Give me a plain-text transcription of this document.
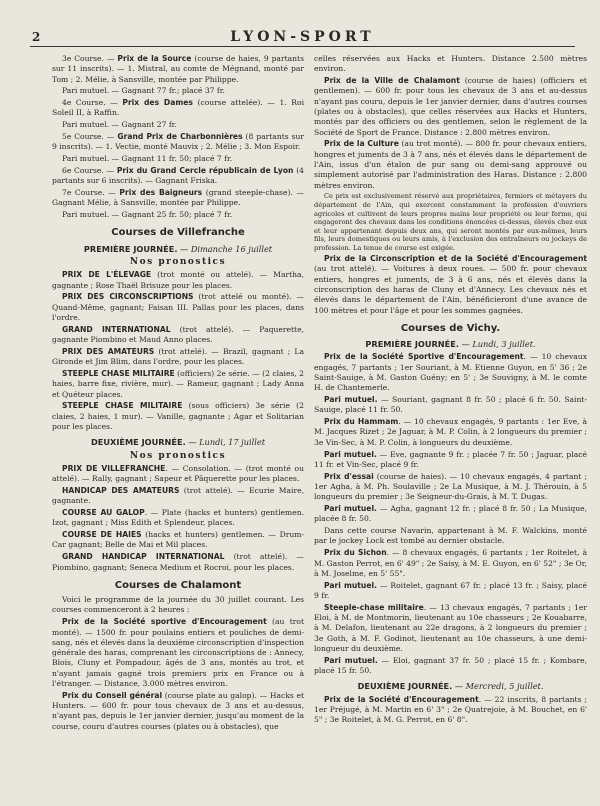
2	LYON-SPORT

3e Course. — Prix de la Source (course de haies, 9 partants sur 11 inscrits). — 1. Mistral, au comte de Mégnand, monté par Tom ; 2. Mélie, à Sansville, montée par Philippe.

Pari mutuel. — Gagnant 77 fr.; placé 37 fr.

4e Course. — Prix des Dames (course attelée). — 1. Roi Soleil II, à Raffin.

Pari mutuel. — Gagnant 27 fr.

5e Course. — Grand Prix de Charbonnières (8 partants sur 9 inscrits). — 1. Vectie, monté Mauvix ; 2. Mélie ; 3. Mon Espoir.

Pari mutuel. — Gagnant 11 fr. 50; placé 7 fr.

6e Course. — Prix du Grand Cercle républicain de Lyon (4 partants sur 6 inscrits). — Gagnant Friska.

7e Course. — Prix des Baigneurs (grand steeple-chase). — Gagnant Mélie, à Sansville, montée par Philippe.

Pari mutuel. — Gagnant 25 fr. 50; placé 7 fr.

Courses de Villefranche
PREMIÈRE JOURNÉE. — Dimanche 16 juillet
Nos pronostics

PRIX DE L'ÉLEVAGE (trot monté ou attelé). — Martha, gagnante ; Rose Thaël Brisuze pour les places.

PRIX DES CIRCONSCRIPTIONS (trot attelé ou monté). — Quand-Même, gagnant; Faisan III. Pallas pour les places, dans l'ordre.

GRAND INTERNATIONAL (trot attelé). — Paquerette, gagnante Piombino et Maud Anno places.

PRIX DES AMATEURS (trot attelé). — Brazil, gagnant ; La Gironde et Jim Blim, dans l'ordre, pour les places.

STEEPLE CHASE MILITAIRE (officiers) 2e série. — (2 claies, 2 haies, barre fixe, rivière, mur). — Rameur, gagnant ; Lady Anna et Quéteur places.

STEEPLE CHASE MILITAIRE (sous officiers) 3e série (2 claies, 2 haies, 1 mur). — Vanille, gagnante ; Agar et Solitarian pour les places.

DEUXIÈME JOURNÉE. — Lundi, 17 juillet
Nos pronostics

PRIX DE VILLEFRANCHE. — Consolation. — (trot monté ou attelé). — Rally, gagnant ; Sapeur et Pâquerette pour les places.

HANDICAP DES AMATEURS (trot attelé). — Ecurie Maire, gagnante.

COURSE AU GALOP. — Plate (hacks et hunters) gentlemen. Izot, gagnant ; Miss Edith et Splendeur, places.

COURSE DE HAIES (hacks et hunters) gentlemen. — Drum-Car gagnant; Belle de Mai et Mil places.

GRAND HANDICAP INTERNATIONAL (trot attelé). — Piombino, gagnant; Seneca Medium et Rocroi, pour les places.

Courses de Chalamont

Voici le programme de la journée du 30 juillet courant. Les courses commenceront à 2 heures :

Prix de la Société sportive d'Encouragement (au trot monté). — 1500 fr. pour poulains entiers et pouliches de demi-sang, nés et élevés dans la deuxième circonscription d'inspection générale des haras, comprenant les circonscriptions de : Annecy, Blois, Cluny et Pompadour, âgés de 3 ans, montés au trot, et n'ayant jamais gagné trois premiers prix en France ou à l'étranger. — Distance, 3.000 mètres environ.

Prix du Conseil général (course plate au galop). — Hacks et Hunters. — 600 fr. pour tous chevaux de 3 ans et au-dessus, n'ayant pas, depuis le 1er janvier dernier, jusqu'au moment de la course, couru d'autres courses (plates ou à obstacles), que

celles réservées aux Hacks et Hunters. Distance 2.500 mètres environ.

Prix de la Ville de Chalamont (course de haies) (officiers et gentlemen). — 600 fr. pour tous les chevaux de 3 ans et au-dessus n'ayant pas couru, depuis le 1er janvier dernier, dans d'autres courses (plates ou à obstacles), que celles réservées aux Hacks et Hunters, montés par des officiers ou des gentlemen, selon le règlement de la Société de Sport de France. Distance : 2.800 mètres environ.

Prix de la Culture (au trot monté). — 800 fr. pour chevaux entiers, hongres et juments de 3 à 7 ans, nés et élevés dans le département de l'Ain, issus d'un étalon de pur sang ou demi-sang approuvé ou simplement autorisé par l'administration des Haras. Distance : 2.800 mètres environ.

Ce prix est exclusivement réservé aux propriétaires, fermiers et métayers du département de l'Ain, qui exercent constamment la profession d'ouvriers agricoles et cultivent de leurs propres mains leur propriété ou leur ferme, qui engageront des chevaux dans les conditions énoncées ci-dessus, élevés chez eux et leur appartenant depuis deux ans, qui seront montés par eux-mêmes, leurs fils, leurs domestiques ou leurs amis, à l'exclusion des entraîneurs ou jockeys de profession. La tenue de course est exigée.

Prix de la Circonscription et de la Société d'Encouragement (au trot attelé). — Voitures à deux roues. — 500 fr. pour chevaux entiers, hongres et juments, de 3 à 6 ans, nés et élevés dans la circonscription des haras de Cluny et d'Annecy. Les chevaux nés et élevés dans le département de l'Ain, bénéficieront d'une avance de 100 mètres et pour l'âge et pour les sommes gagnées.

Courses de Vichy.
PREMIÈRE JOURNÉE. — Lundi, 3 juillet.

Prix de la Société Sportive d'Encouragement. — 10 chevaux engagés, 7 partants ; 1er Souriant, à M. Etienne Guyon, en 5' 36 ; 2e Saint-Sauige, à M. Gaston Guény; en 5' ; 3e Souvigny, à M. le comte H. de Chantemerle.

Pari mutuel. — Souriant, gagnant 8 fr. 50 ; placé 6 fr. 50. Saint-Sauige, placé 11 fr. 50.

Prix du Hammam. — 10 chevaux engagés, 9 partants : 1er Eve, à M. Jacques Rizet ; 2e Jaguar, à M. P. Colin, à 2 longueurs du premier ; 3e Vin-Sec, à M. P. Colin, à longueurs du deuxième.

Pari mutuel. — Eve, gagnante 9 fr. ; placée 7 fr. 50 ; Jaguar, placé 11 fr. et Vin-Sec, placé 9 fr.

Prix d'essai (course de haies). — 10 chevaux engagés, 4 partant ; 1er Agha, à M. Ph. Soulaville ; 2e La Musique, à M. J. Thérouin, à 5 longueurs du premier ; 3e Seigneur-du-Grais, à M. T. Dugas.

Pari mutuel. — Agha, gagnant 12 fr. ; placé 8 fr. 50 ; La Musique, placée 8 fr. 50.

Dans cette course Navarin, appartenant à M. F. Walckins, monté par le jockey Lock est tombé au dernier obstacle.

Prix du Sichon. — 8 chevaux engagés, 6 partants ; 1er Roitelet, à M. Gaston Perrot, en 6' 49" ; 2e Saisy, à M. E. Guyon, en 6' 52" ; 3e Or, à M. Joselme, en 5' 55".

Pari mutuel. — Roitelet, gagnant 67 fr. ; placé 13 fr. ; Saisy, placé 9 fr.

Steeple-chase militaire. — 13 chevaux engagés, 7 partants ; 1er Eloi, à M. de Montmorin, lieutenant au 10e chasseurs ; 2e Kouabarre, à M. Delafon, lieutenant au 22e dragons, à 2 longueurs du premier ; 3e Goth, à M. F. Godinot, lieutenant au 10e chasseurs, à une demi-longueur du deuxième.

Pari mutuel. — Eloi, gagnant 37 fr. 50 ; placé 15 fr. ; Kombare, placé 15 fr. 50.

DEUXIÈME JOURNÉE. — Mercredi, 5 juillet.

Prix de la Société d'Encouragement. — 22 inscrits, 8 partants ; 1er Préjugé, à M. Martin en 6' 3" ; 2e Quatrejoie, à M. Bouchet, en 6' 5" ; 3e Roitelet, à M. G. Perrot, en 6' 8".
